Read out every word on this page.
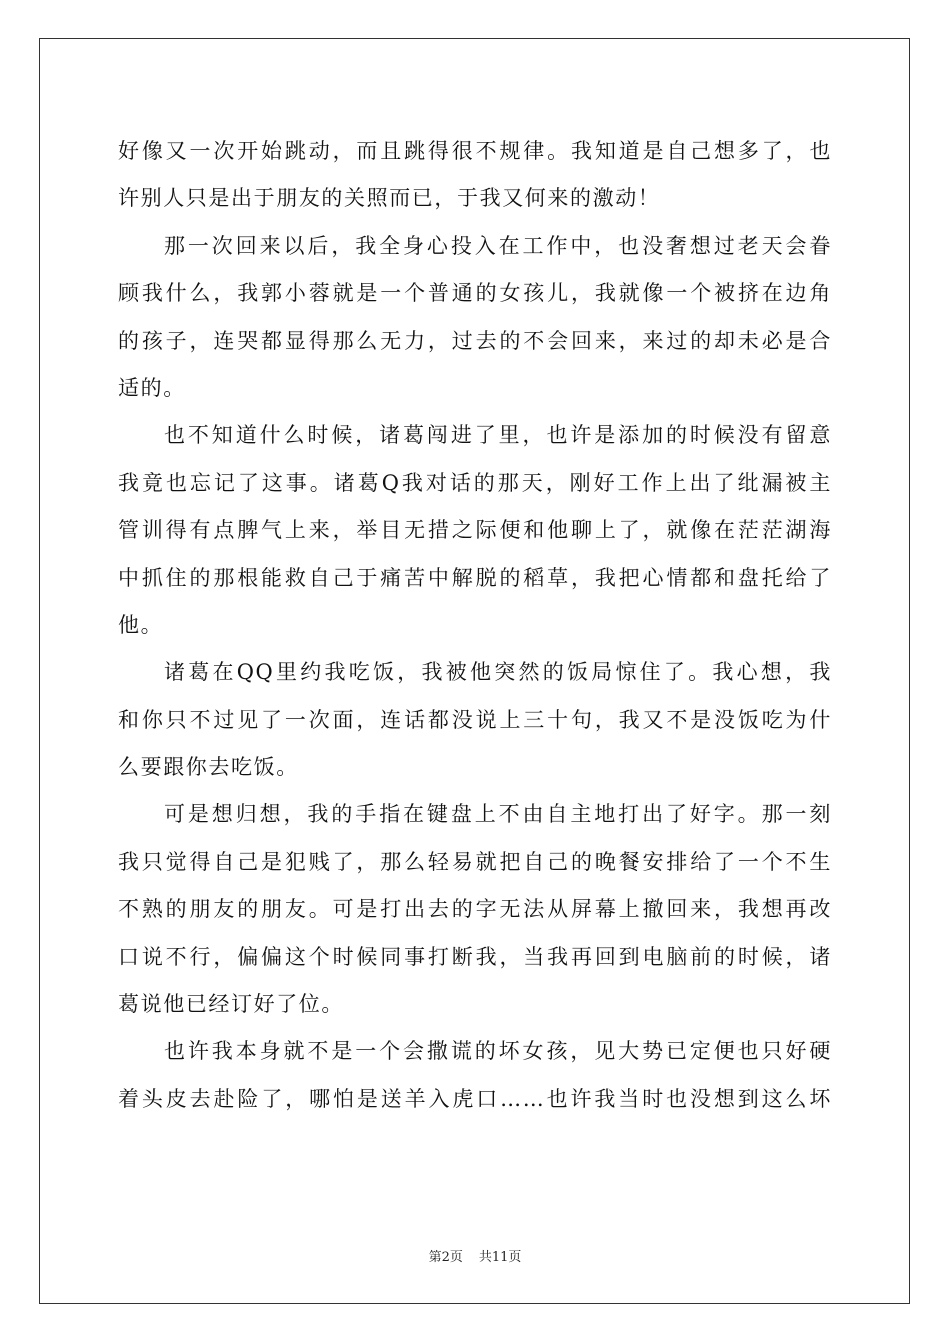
好像又一次开始跳动，而且跳得很不规律。我知道是自己想多了，也
许别人只是出于朋友的关照而已，于我又何来的激动！
那一次回来以后，我全身心投入在工作中，也没奢想过老天会眷
顾我什么，我郭小蓉就是一个普通的女孩儿，我就像一个被挤在边角
的孩子，连哭都显得那么无力，过去的不会回来，来过的却未必是合
适的。
也不知道什么时候，诸葛闯进了里，也许是添加的时候没有留意
我竟也忘记了这事。诸葛Q我对话的那天，刚好工作上出了纰漏被主
管训得有点脾气上来，举目无措之际便和他聊上了，就像在茫茫湖海
中抓住的那根能救自己于痛苦中解脱的稻草，我把心情都和盘托给了
他。
诸葛在QQ里约我吃饭，我被他突然的饭局惊住了。我心想，我
和你只不过见了一次面，连话都没说上三十句，我又不是没饭吃为什
么要跟你去吃饭。
可是想归想，我的手指在键盘上不由自主地打出了好字。那一刻
我只觉得自己是犯贱了，那么轻易就把自己的晚餐安排给了一个不生
不熟的朋友的朋友。可是打出去的字无法从屏幕上撤回来，我想再改
口说不行，偏偏这个时候同事打断我，当我再回到电脑前的时候，诸
葛说他已经订好了位。
也许我本身就不是一个会撒谎的坏女孩，见大势已定便也只好硬
着头皮去赴险了，哪怕是送羊入虎口……也许我当时也没想到这么坏
第2页 共11页
